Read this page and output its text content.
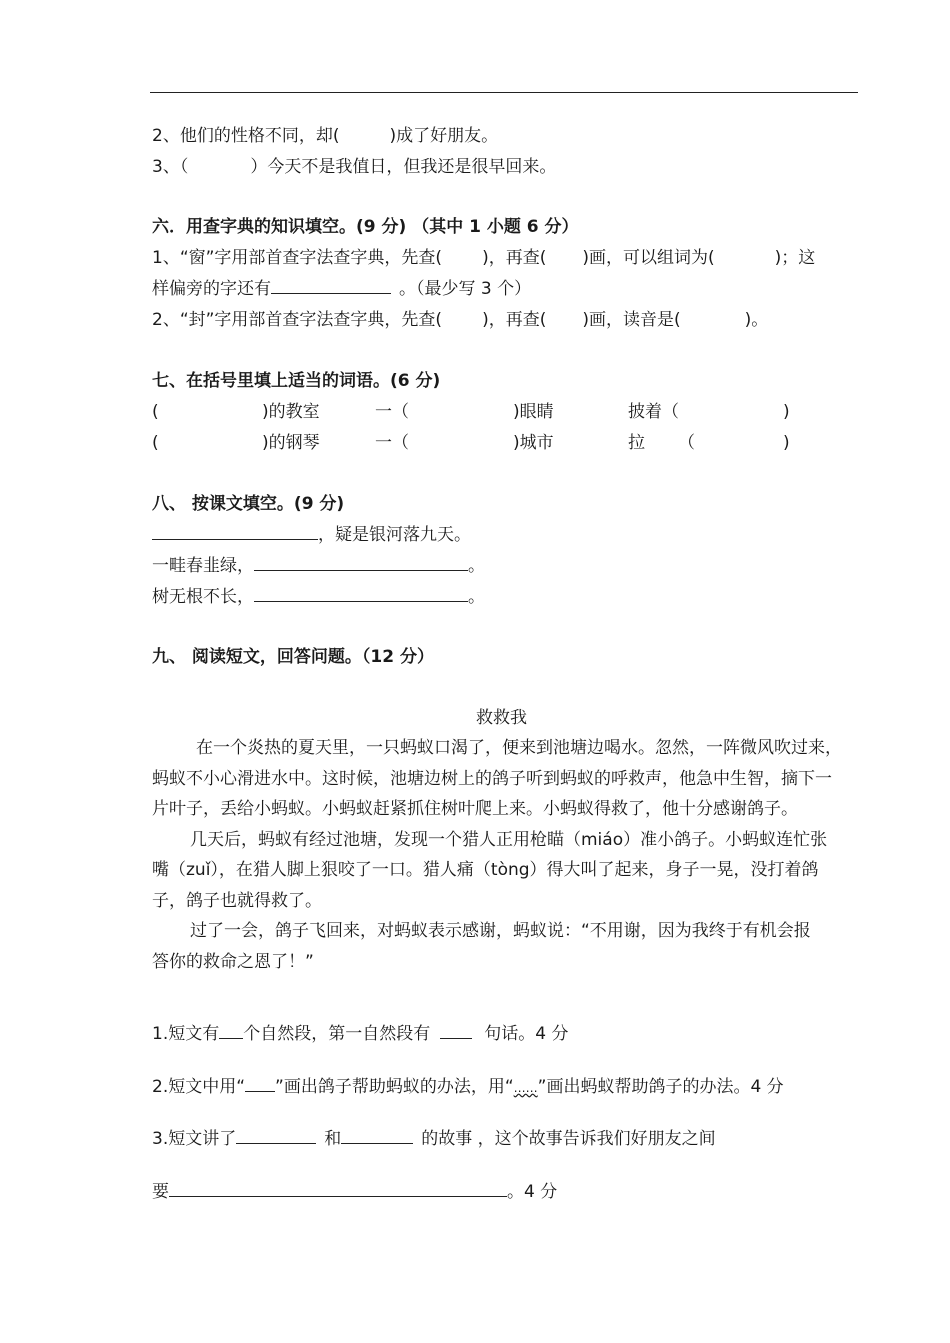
2、他们的性格不同，却(	)成了好朋友。
3、（	）今天不是我值日，但我还是很早回来。
六．用查字典的知识填空。(9 分) （其中 1 小题 6 分）
1、“窗”字用部首查字法查字典，先查( )，再查( )画，可以组词为(	)；这
样偏旁的字还有	。（最少写 3 个）
2、“封”字用部首查字法查字典，先查( )，再查( )画，读音是(	)。
七、在括号里填上适当的词语。(6 分)
(	)的教室	一（	)眼睛	披着（	)
(	)的钢琴	一（	)城市	拉 （	)
八、 按课文填空。(9 分)
，疑是银河落九天。
一畦春韭绿，	。
树无根不长，	。
九、 阅读短文，回答问题。（12 分）
救救我
在一个炎热的夏天里，一只蚂蚁口渴了，便来到池塘边喝水。忽然，一阵微风吹过来，
蚂蚁不小心滑进水中。这时候，池塘边树上的鸽子听到蚂蚁的呼救声，他急中生智，摘下一
片叶子，丢给小蚂蚁。小蚂蚁赶紧抓住树叶爬上来。小蚂蚁得救了，他十分感谢鸽子。
几天后，蚂蚁有经过池塘，发现一个猎人正用枪瞄（miáo）准小鸽子。小蚂蚁连忙张
嘴（zuǐ），在猎人脚上狠咬了一口。猎人痛（tòng）得大叫了起来，身子一晃，没打着鸽
子，鸽子也就得救了。
过了一会，鸽子飞回来，对蚂蚁表示感谢，蚂蚁说：“不用谢，因为我终于有机会报
答你的救命之恩了！”
1.短文有 个自然段，第一自然段有	句话。4 分
2.短文中用“ ”画出鸽子帮助蚂蚁的办法，用“……”画出蚂蚁帮助鸽子的办法。4 分
3.短文讲了	和	的故事 ，这个故事告诉我们好朋友之间
要	。4 分
